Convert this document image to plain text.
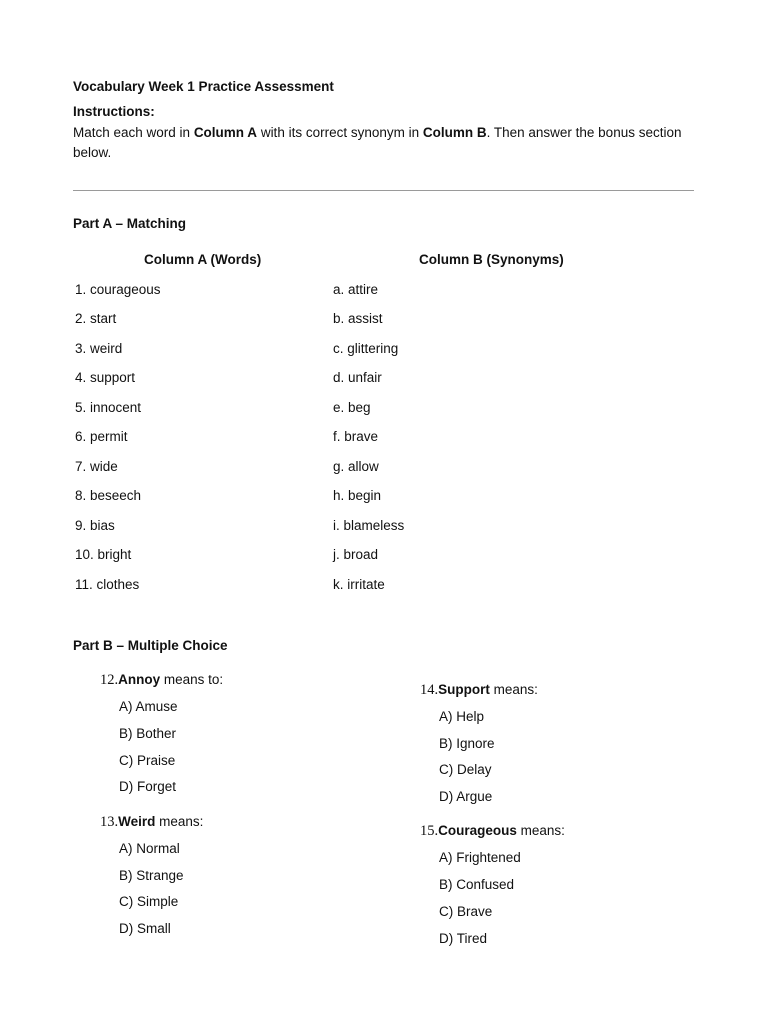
Vocabulary Week 1 Practice Assessment
Instructions:
Match each word in Column A with its correct synonym in Column B. Then answer the bonus section below.
Part A – Matching
Column A (Words)	Column B (Synonyms)
1. courageous
2. start
3. weird
4. support
5. innocent
6. permit
7. wide
8. beseech
9. bias
10. bright
11. clothes
a. attire
b. assist
c. glittering
d. unfair
e. beg
f. brave
g. allow
h. begin
i. blameless
j. broad
k. irritate
Part B – Multiple Choice
12.Annoy means to:
A) Amuse
B) Bother
C) Praise
D) Forget
13.Weird means:
A) Normal
B) Strange
C) Simple
D) Small
14.Support means:
A) Help
B) Ignore
C) Delay
D) Argue
15.Courageous means:
A) Frightened
B) Confused
C) Brave
D) Tired
